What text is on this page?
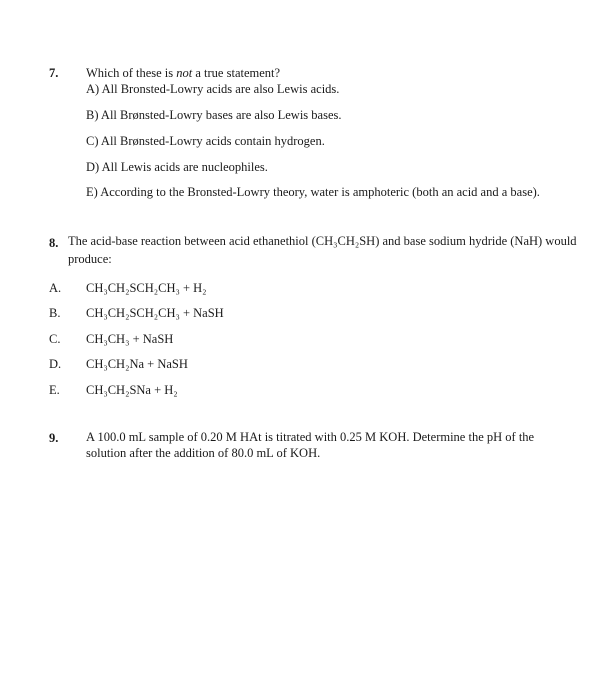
7. Which of these is not a true statement?
A) All Bronsted-Lowry acids are also Lewis acids.
B) All Brønsted-Lowry bases are also Lewis bases.
C) All Brønsted-Lowry acids contain hydrogen.
D) All Lewis acids are nucleophiles.
E) According to the Bronsted-Lowry theory, water is amphoteric (both an acid and a base).
8. The acid-base reaction between acid ethanethiol (CH₃CH₂SH) and base sodium hydride (NaH) would
produce:
A. CH₃CH₂SCH₂CH₃ + H₂
B. CH₃CH₂SCH₂CH₃ + NaSH
C. CH₃CH₃ + NaSH
D. CH₃CH₂Na + NaSH
E. CH₃CH₂SNa + H₂
9. A 100.0 mL sample of 0.20 M HAt is titrated with 0.25 M KOH. Determine the pH of the
solution after the addition of 80.0 mL of KOH.
